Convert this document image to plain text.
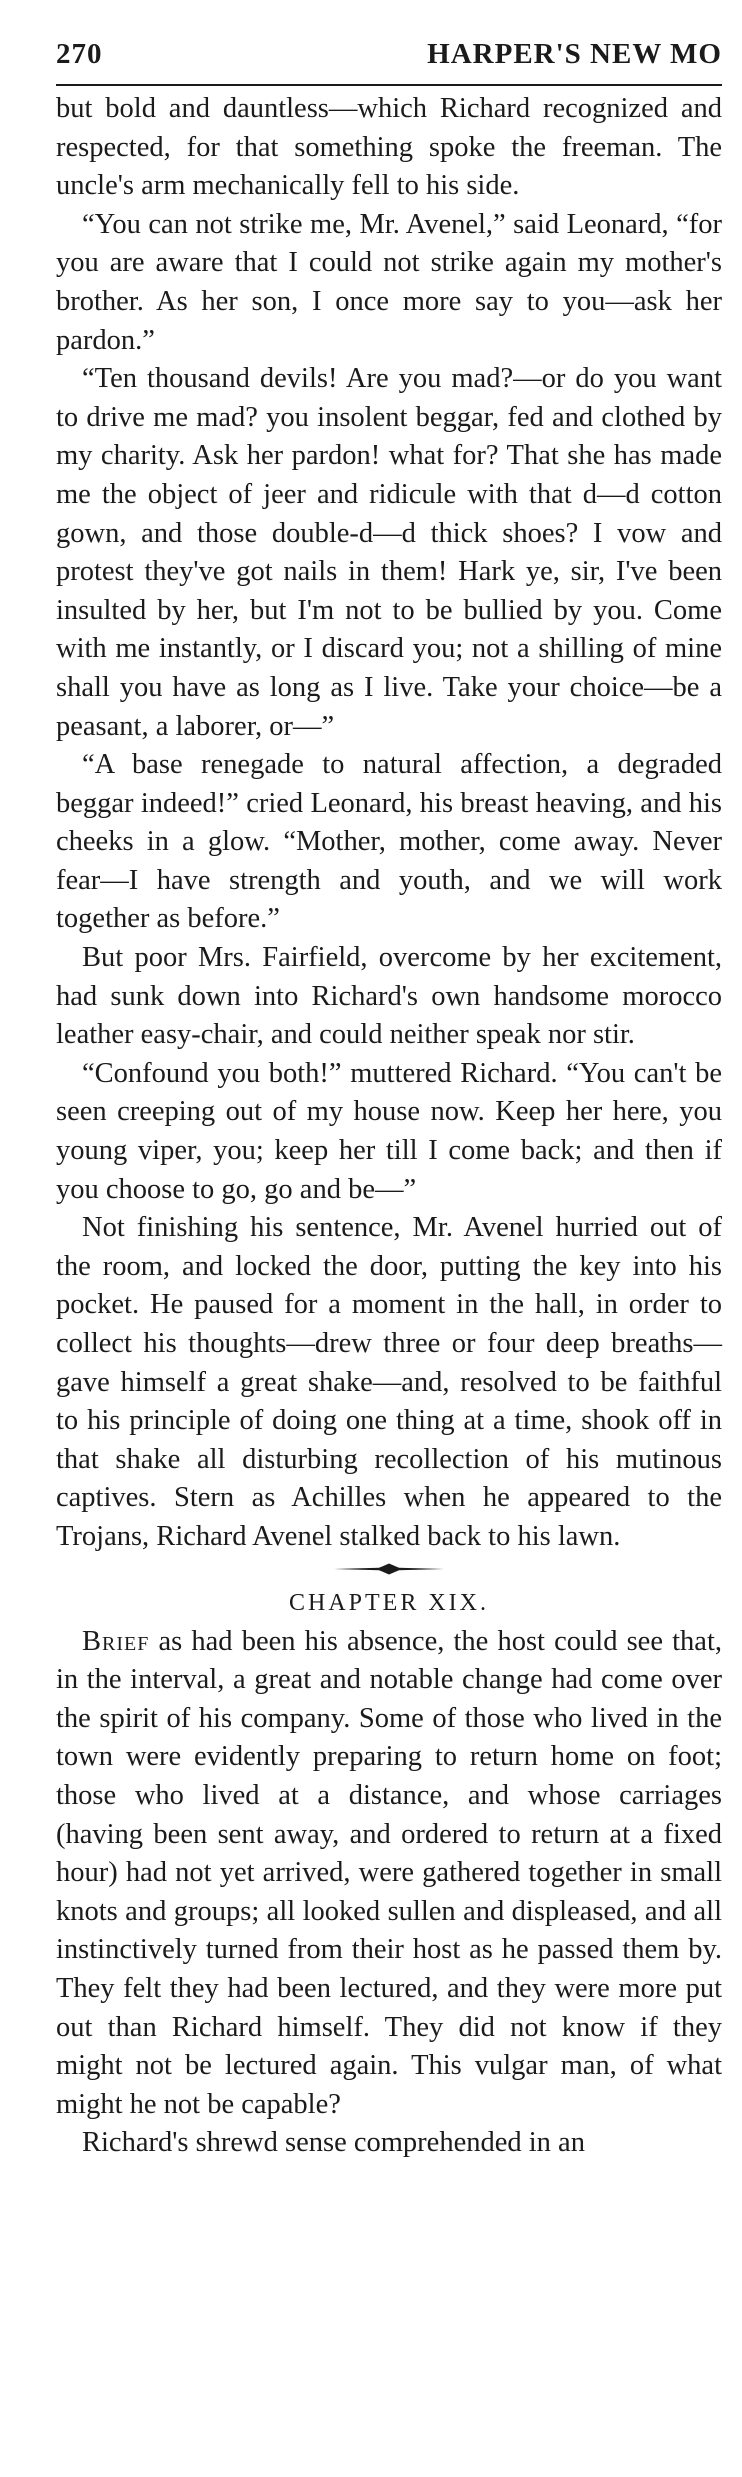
270	HARPER'S NEW MO

but bold and dauntless—which Richard recognized and respected, for that something spoke the freeman. The uncle's arm mechanically fell to his side.

“You can not strike me, Mr. Avenel,” said Leonard, “for you are aware that I could not strike again my mother's brother. As her son, I once more say to you—ask her pardon.”

“Ten thousand devils! Are you mad?—or do you want to drive me mad? you insolent beggar, fed and clothed by my charity. Ask her pardon! what for? That she has made me the object of jeer and ridicule with that d—d cotton gown, and those double-d—d thick shoes? I vow and protest they've got nails in them! Hark ye, sir, I've been insulted by her, but I'm not to be bullied by you. Come with me instantly, or I discard you; not a shilling of mine shall you have as long as I live. Take your choice—be a peasant, a laborer, or—”

“A base renegade to natural affection, a degraded beggar indeed!” cried Leonard, his breast heaving, and his cheeks in a glow. “Mother, mother, come away. Never fear—I have strength and youth, and we will work together as before.”

But poor Mrs. Fairfield, overcome by her excitement, had sunk down into Richard's own handsome morocco leather easy-chair, and could neither speak nor stir.

“Confound you both!” muttered Richard. “You can't be seen creeping out of my house now. Keep her here, you young viper, you; keep her till I come back; and then if you choose to go, go and be—”

Not finishing his sentence, Mr. Avenel hurried out of the room, and locked the door, putting the key into his pocket. He paused for a moment in the hall, in order to collect his thoughts—drew three or four deep breaths—gave himself a great shake—and, resolved to be faithful to his principle of doing one thing at a time, shook off in that shake all disturbing recollection of his mutinous captives. Stern as Achilles when he appeared to the Trojans, Richard Avenel stalked back to his lawn.

CHAPTER XIX.

Brief as had been his absence, the host could see that, in the interval, a great and notable change had come over the spirit of his company. Some of those who lived in the town were evidently preparing to return home on foot; those who lived at a distance, and whose carriages (having been sent away, and ordered to return at a fixed hour) had not yet arrived, were gathered together in small knots and groups; all looked sullen and displeased, and all instinctively turned from their host as he passed them by. They felt they had been lectured, and they were more put out than Richard himself. They did not know if they might not be lectured again. This vulgar man, of what might he not be capable?

Richard's shrewd sense comprehended in an
